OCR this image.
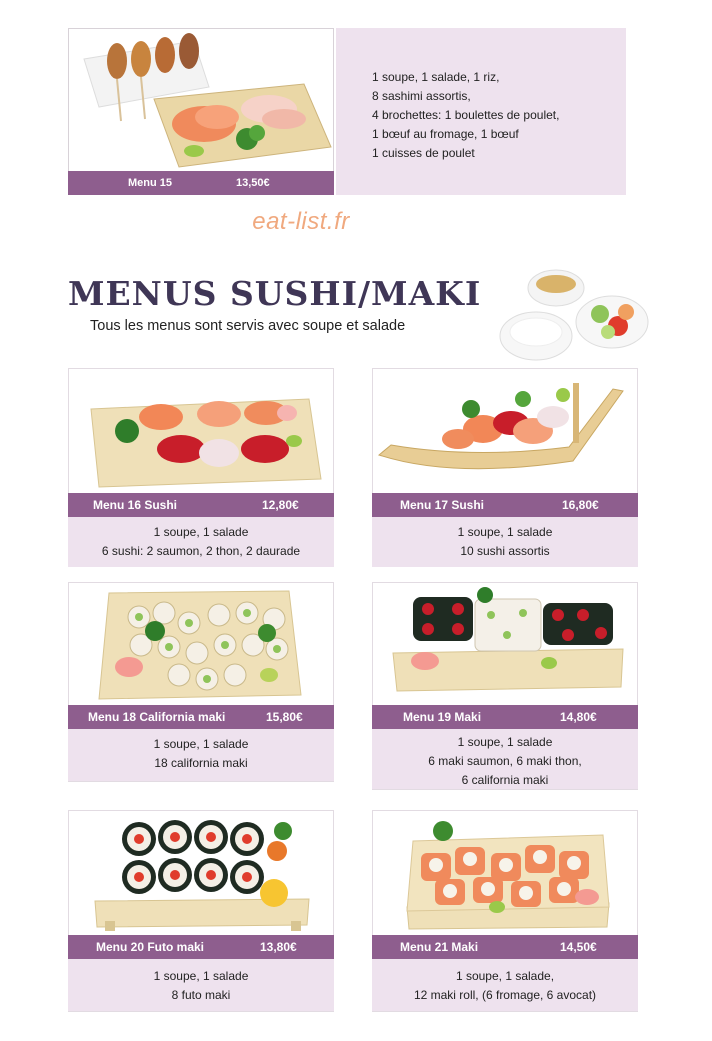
1 soupe, 1 salade, 1 riz,
8 sashimi assortis,
4 brochettes: 1 boulettes de poulet,
1 bœuf au fromage, 1 bœuf
1 cuisses de poulet
Menu 15	13,50€
eat-list.fr
MENUS SUSHI/MAKI
Tous les menus sont servis avec soupe et salade
Menu 16 Sushi	12,80€
1 soupe, 1 salade
6 sushi: 2 saumon, 2 thon, 2 daurade
Menu 17 Sushi	16,80€
1 soupe, 1 salade
10 sushi assortis
Menu 18 California maki	15,80€
1 soupe, 1 salade
18 california maki
Menu 19 Maki	14,80€
1 soupe, 1 salade
6 maki saumon, 6 maki thon,
6 california maki
Menu 20 Futo maki	13,80€
1 soupe, 1 salade
8 futo maki
Menu 21 Maki	14,50€
1 soupe, 1 salade,
12 maki roll, (6 fromage, 6 avocat)
